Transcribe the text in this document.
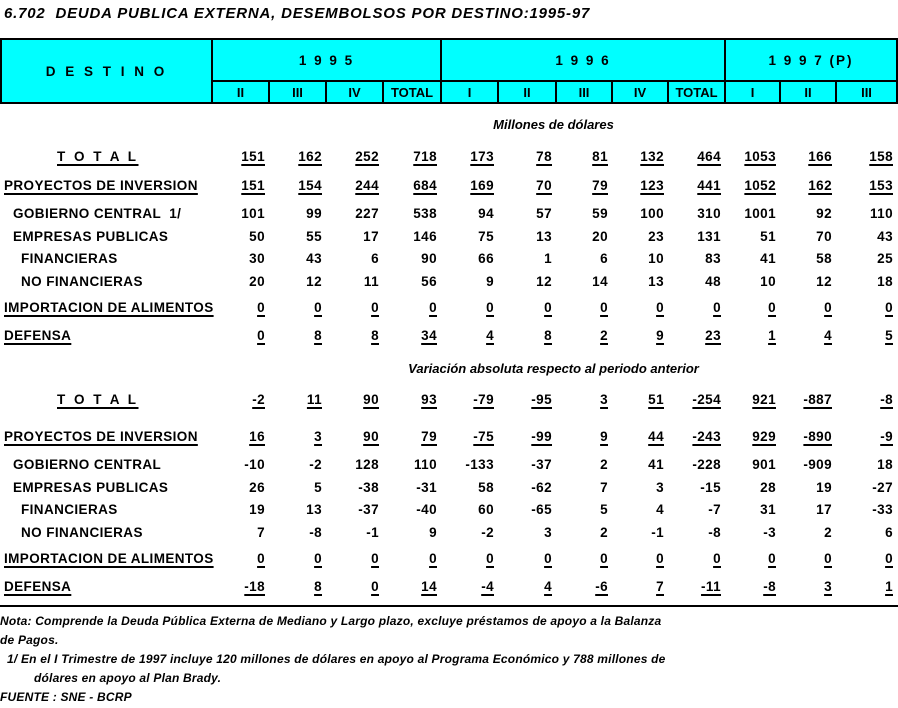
6.702  DEUDA PUBLICA EXTERNA, DESEMBOLSOS POR DESTINO:1995-97
D E S T I N O
1 9 9 5	1 9 9 6	1 9 9 7 (P)
II	III	IV	TOTAL	I	II	III	IV	TOTAL	I	II	III
Millones de dólares
T O T A L	151	162	252	718	173	78	81	132	464	1053	166	158
PROYECTOS DE INVERSION	151	154	244	684	169	70	79	123	441	1052	162	153
GOBIERNO CENTRAL  1/	101	99	227	538	94	57	59	100	310	1001	92	110
EMPRESAS PUBLICAS	50	55	17	146	75	13	20	23	131	51	70	43
FINANCIERAS	30	43	6	90	66	1	6	10	83	41	58	25
NO FINANCIERAS	20	12	11	56	9	12	14	13	48	10	12	18
IMPORTACION DE ALIMENTOS	0	0	0	0	0	0	0	0	0	0	0	0
DEFENSA	0	8	8	34	4	8	2	9	23	1	4	5
Variación absoluta respecto al periodo anterior
T O T A L	-2	11	90	93	-79	-95	3	51	-254	921	-887	-8
PROYECTOS DE INVERSION	16	3	90	79	-75	-99	9	44	-243	929	-890	-9
GOBIERNO CENTRAL	-10	-2	128	110	-133	-37	2	41	-228	901	-909	18
EMPRESAS PUBLICAS	26	5	-38	-31	58	-62	7	3	-15	28	19	-27
FINANCIERAS	19	13	-37	-40	60	-65	5	4	-7	31	17	-33
NO FINANCIERAS	7	-8	-1	9	-2	3	2	-1	-8	-3	2	6
IMPORTACION DE ALIMENTOS	0	0	0	0	0	0	0	0	0	0	0	0
DEFENSA	-18	8	0	14	-4	4	-6	7	-11	-8	3	1
Nota: Comprende la Deuda Pública Externa de Mediano y Largo plazo, excluye préstamos de apoyo a la Balanza
de Pagos.
1/ En el I Trimestre de 1997 incluye 120 millones de dólares en apoyo al Programa Económico y 788 millones de
dólares en apoyo al Plan Brady.
FUENTE : SNE - BCRP
